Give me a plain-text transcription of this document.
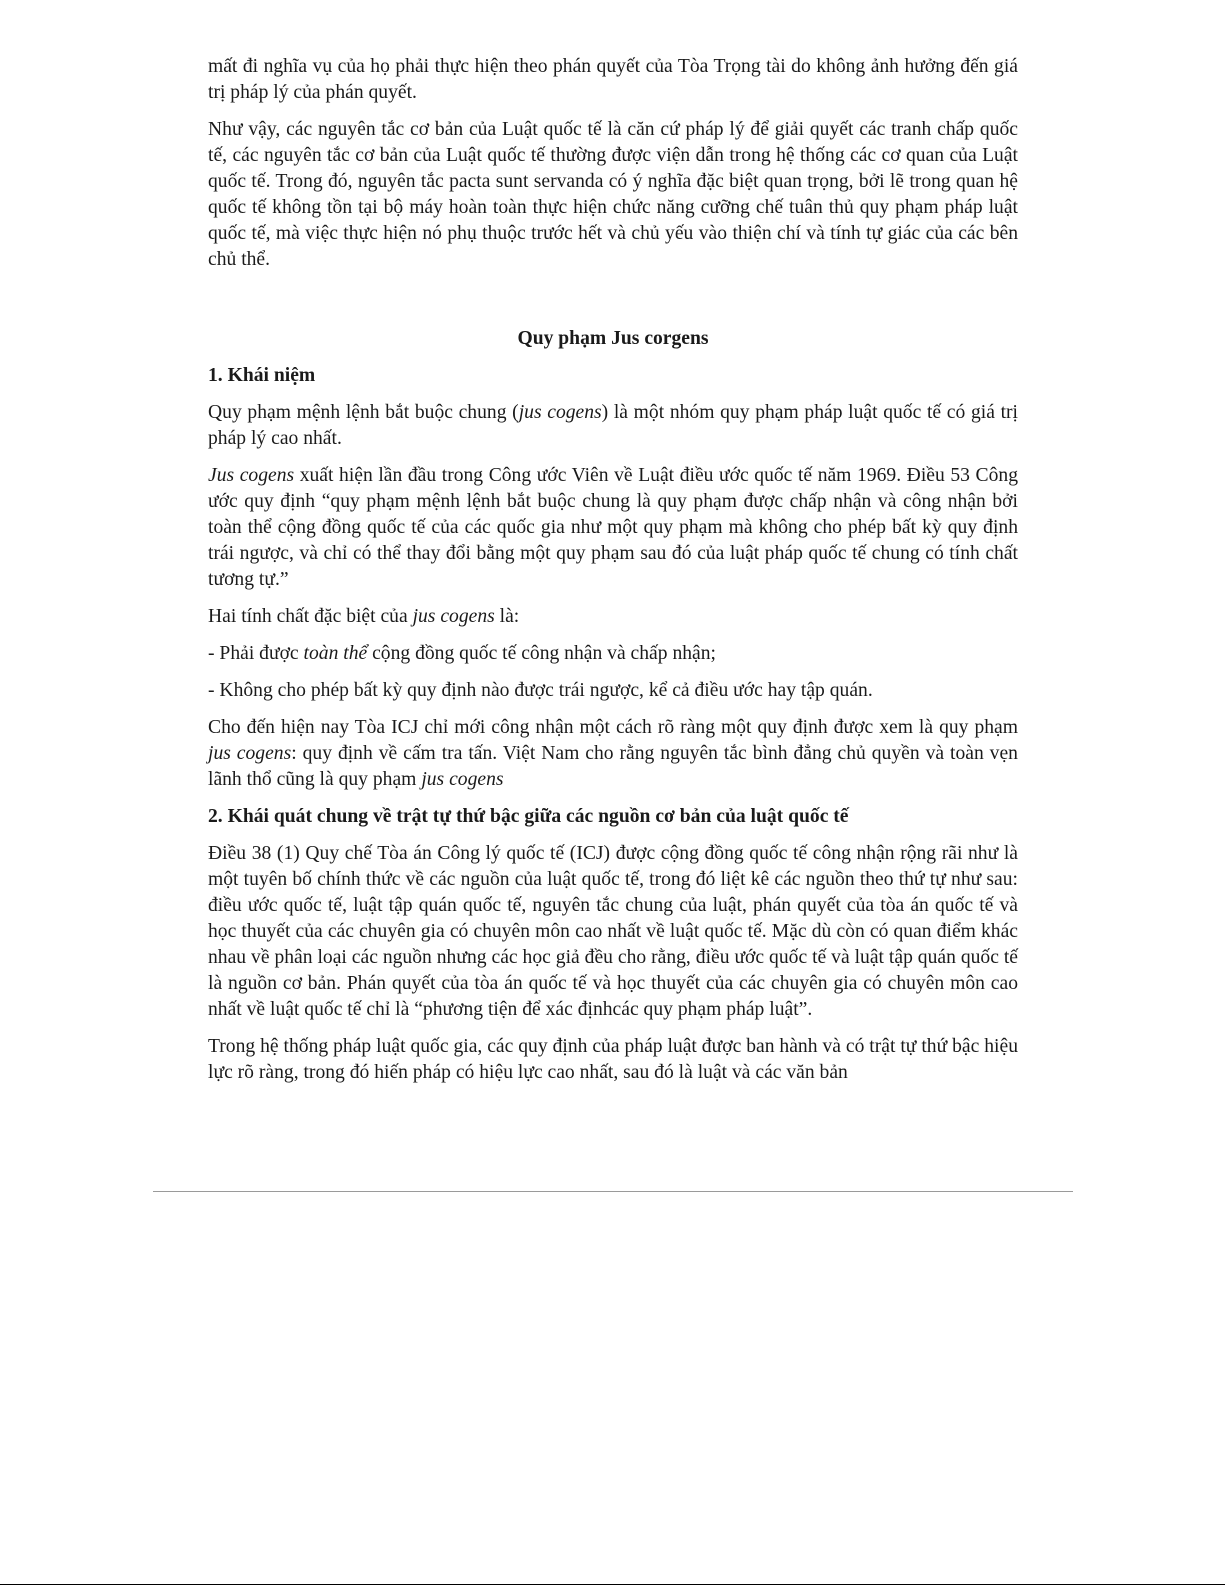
mất đi nghĩa vụ của họ phải thực hiện theo phán quyết của Tòa Trọng tài do không ảnh hưởng đến giá trị pháp lý của phán quyết.

Như vậy, các nguyên tắc cơ bản của Luật quốc tế là căn cứ pháp lý để giải quyết các tranh chấp quốc tế, các nguyên tắc cơ bản của Luật quốc tế thường được viện dẫn trong hệ thống các cơ quan của Luật quốc tế. Trong đó, nguyên tắc pacta sunt servanda có ý nghĩa đặc biệt quan trọng, bởi lẽ trong quan hệ quốc tế không tồn tại bộ máy hoàn toàn thực hiện chức năng cưỡng chế tuân thủ quy phạm pháp luật quốc tế, mà việc thực hiện nó phụ thuộc trước hết và chủ yếu vào thiện chí và tính tự giác của các bên chủ thể.

Quy phạm Jus corgens

1. Khái niệm

Quy phạm mệnh lệnh bắt buộc chung (jus cogens) là một nhóm quy phạm pháp luật quốc tế có giá trị pháp lý cao nhất.

Jus cogens xuất hiện lần đầu trong Công ước Viên về Luật điều ước quốc tế năm 1969. Điều 53 Công ước quy định “quy phạm mệnh lệnh bắt buộc chung là quy phạm được chấp nhận và công nhận bởi toàn thể cộng đồng quốc tế của các quốc gia như một quy phạm mà không cho phép bất kỳ quy định trái ngược, và chỉ có thể thay đổi bằng một quy phạm sau đó của luật pháp quốc tế chung có tính chất tương tự.”

Hai tính chất đặc biệt của jus cogens là:

- Phải được toàn thể cộng đồng quốc tế công nhận và chấp nhận;

- Không cho phép bất kỳ quy định nào được trái ngược, kể cả điều ước hay tập quán.

Cho đến hiện nay Tòa ICJ chỉ mới công nhận một cách rõ ràng một quy định được xem là quy phạm jus cogens: quy định về cấm tra tấn. Việt Nam cho rằng nguyên tắc bình đẳng chủ quyền và toàn vẹn lãnh thổ cũng là quy phạm jus cogens

2. Khái quát chung về trật tự thứ bậc giữa các nguồn cơ bản của luật quốc tế

Điều 38 (1) Quy chế Tòa án Công lý quốc tế (ICJ) được cộng đồng quốc tế công nhận rộng rãi như là một tuyên bố chính thức về các nguồn của luật quốc tế, trong đó liệt kê các nguồn theo thứ tự như sau: điều ước quốc tế, luật tập quán quốc tế, nguyên tắc chung của luật, phán quyết của tòa án quốc tế và học thuyết của các chuyên gia có chuyên môn cao nhất về luật quốc tế. Mặc dù còn có quan điểm khác nhau về phân loại các nguồn nhưng các học giả đều cho rằng, điều ước quốc tế và luật tập quán quốc tế là nguồn cơ bản. Phán quyết của tòa án quốc tế và học thuyết của các chuyên gia có chuyên môn cao nhất về luật quốc tế chỉ là “phương tiện để xác địnhcác quy phạm pháp luật”.

Trong hệ thống pháp luật quốc gia, các quy định của pháp luật được ban hành và có trật tự thứ bậc hiệu lực rõ ràng, trong đó hiến pháp có hiệu lực cao nhất, sau đó là luật và các văn bản
